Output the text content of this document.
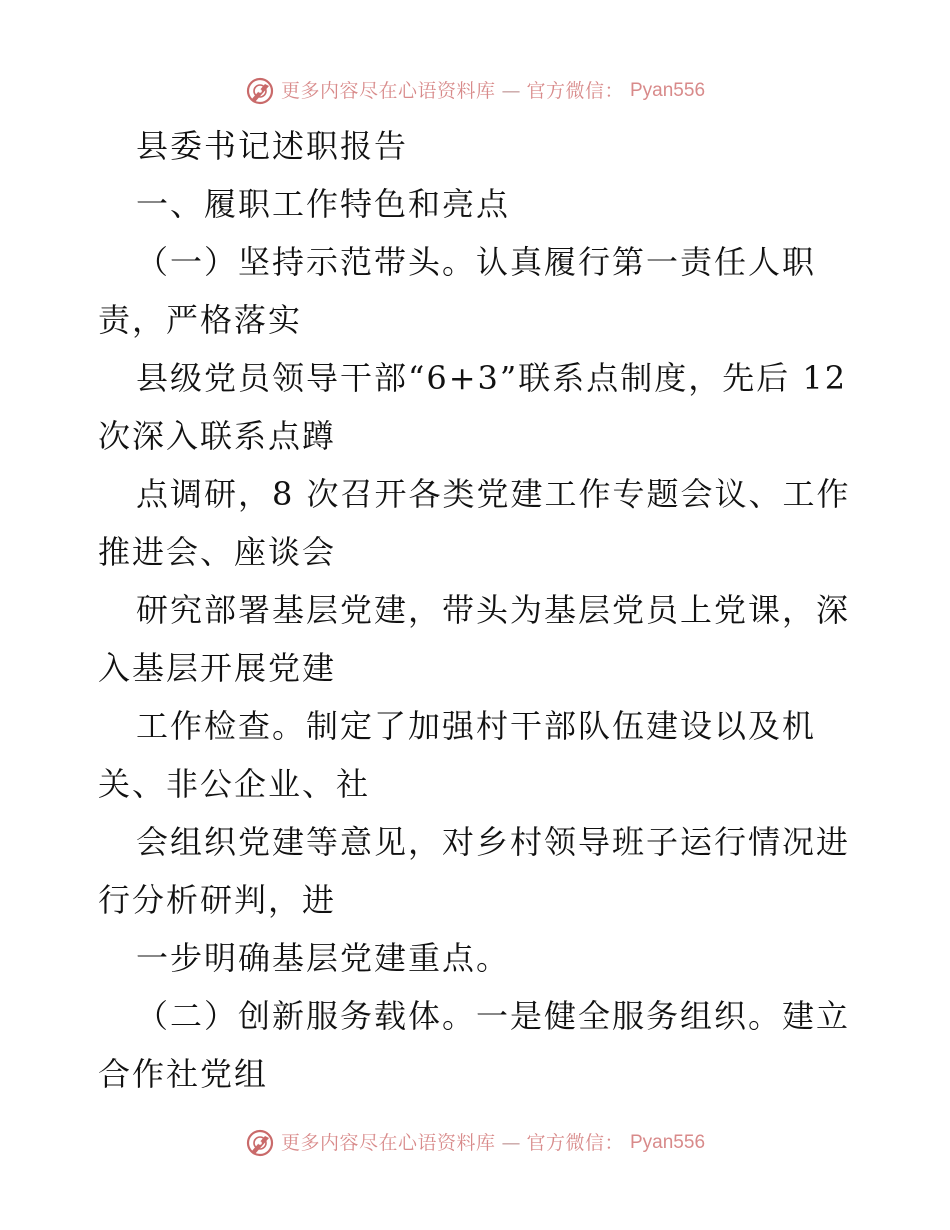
更多内容尽在心语资料库 — 官方微信： Pyan556
县委书记述职报告
一、履职工作特色和亮点
（一）坚持示范带头。认真履行第一责任人职
责，严格落实
县级党员领导干部“6+3”联系点制度，先后 12
次深入联系点蹲
点调研，8 次召开各类党建工作专题会议、工作
推进会、座谈会
研究部署基层党建，带头为基层党员上党课，深
入基层开展党建
工作检查。制定了加强村干部队伍建设以及机
关、非公企业、社
会组织党建等意见，对乡村领导班子运行情况进
行分析研判，进
一步明确基层党建重点。
（二）创新服务载体。一是健全服务组织。建立
合作社党组
更多内容尽在心语资料库 — 官方微信： Pyan556
